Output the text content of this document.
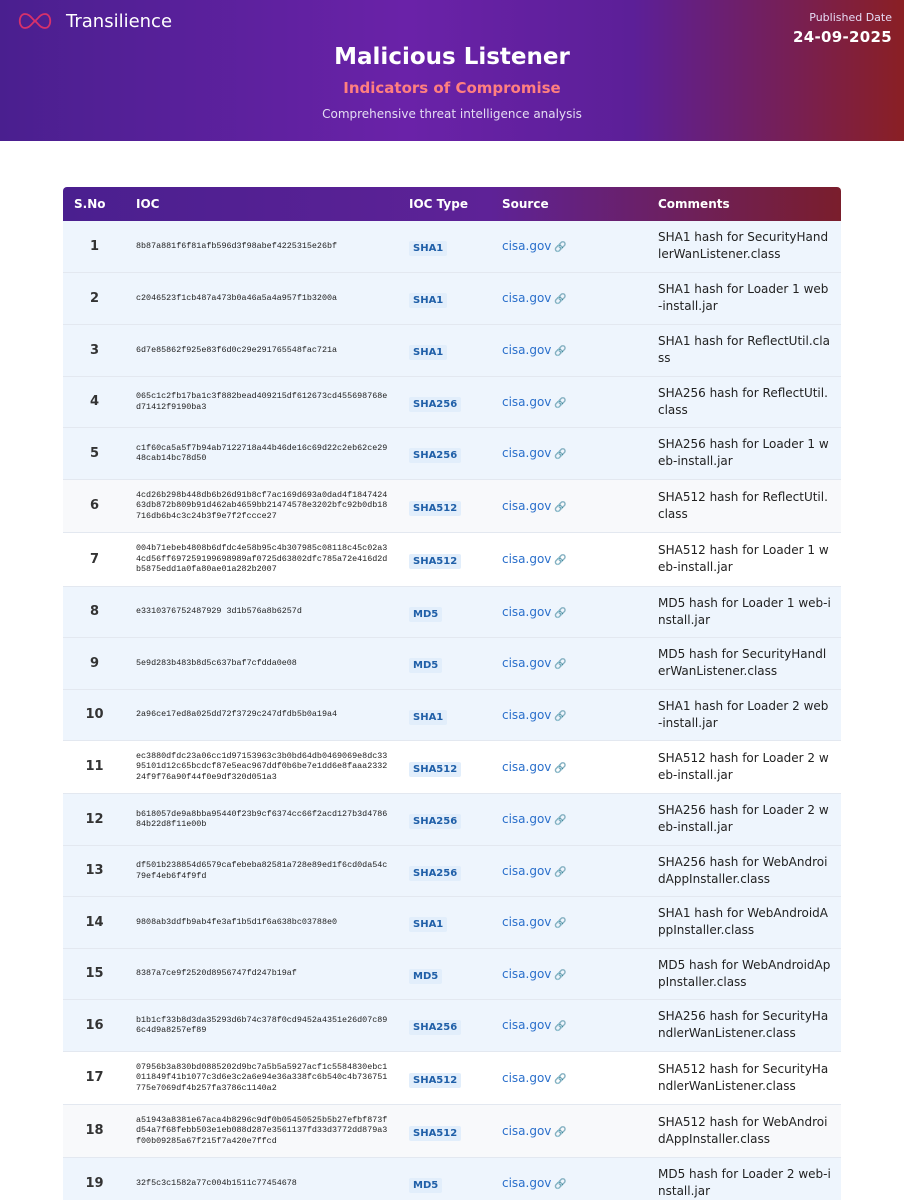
Transilience	Published Date
24-09-2025
Malicious Listener
Indicators of Compromise
Comprehensive threat intelligence analysis
S.No	IOC	IOC Type	Source	Comments
1	8b87a881f6f81afb596d3f98abef4225315e26bf	SHA1	cisa.gov 🔗	SHA1 hash for SecurityHandlerWanListener.class
2	c2046523f1cb487a473b0a46a5a4a957f1b3200a	SHA1	cisa.gov 🔗	SHA1 hash for Loader 1 web-install.jar
3	6d7e85862f925e83f6d0c29e291765548fac721a	SHA1	cisa.gov 🔗	SHA1 hash for ReflectUtil.class
4	065c1c2fb17ba1c3f882bead409215df612673cd455698768ed71412f9190ba3	SHA256	cisa.gov 🔗	SHA256 hash for ReflectUtil.class
5	c1f60ca5a5f7b94ab7122718a44b46de16c69d22c2eb62ce2948cab14bc78d50	SHA256	cisa.gov 🔗	SHA256 hash for Loader 1 web-install.jar
6	4cd26b298b448db6b26d91b8cf7ac169d693a0dad4f184742463db872b809b91d462ab4659bb21474578e3202bfc92b0db18716db6b4c3c24b3f9e7f2fccce27	SHA512	cisa.gov 🔗	SHA512 hash for ReflectUtil.class
7	004b71ebeb4808b6dfdc4e58b95c4b307985c08118c45c02a34cd56ff697259199698989af0725d63802dfc785a72e416d2db5875edd1a0fa80ae01a282b2007	SHA512	cisa.gov 🔗	SHA512 hash for Loader 1 web-install.jar
8	e3310376752487929 3d1b576a8b6257d	MD5	cisa.gov 🔗	MD5 hash for Loader 1 web-install.jar
9	5e9d283b483b8d5c637baf7cfdda0e08	MD5	cisa.gov 🔗	MD5 hash for SecurityHandlerWanListener.class
10	2a96ce17ed8a025dd72f3729c247dfdb5b0a19a4	SHA1	cisa.gov 🔗	SHA1 hash for Loader 2 web-install.jar
11	ec3880dfdc23a06cc1d97153963c3b0bd64db0469069e8dc3395101d12c65bcdcf87e5eac967ddf0b6be7e1dd6e8faaa233224f9f76a90f44f0e9df320d051a3	SHA512	cisa.gov 🔗	SHA512 hash for Loader 2 web-install.jar
12	b618057de9a8bba95440f23b9cf6374cc66f2acd127b3d478684b22d8f11e00b	SHA256	cisa.gov 🔗	SHA256 hash for Loader 2 web-install.jar
13	df501b238854d6579cafebeba82581a728e89ed1f6cd0da54c79ef4eb6f4f9fd	SHA256	cisa.gov 🔗	SHA256 hash for WebAndroidAppInstaller.class
14	9808ab3ddfb9ab4fe3af1b5d1f6a638bc03788e0	SHA1	cisa.gov 🔗	SHA1 hash for WebAndroidAppInstaller.class
15	8387a7ce9f2520d8956747fd247b19af	MD5	cisa.gov 🔗	MD5 hash for WebAndroidAppInstaller.class
16	b1b1cf33b8d3da35293d6b74c378f0cd9452a4351e26d07c896c4d9a8257ef89	SHA256	cisa.gov 🔗	SHA256 hash for SecurityHandlerWanListener.class
17	07956b3a830bd0885202d9bc7a5b5a5927acf1c5584830ebc1011849f41b1077c3d6e3c2a6e94e36a338fc6b540c4b736751775e7069df4b257fa3786c1140a2	SHA512	cisa.gov 🔗	SHA512 hash for SecurityHandlerWanListener.class
18	a51943a8381e67aca4b8296c9df0b05450525b5b27efbf873fd54a7f68febb503e1eb088d287e3561137fd33d3772dd879a3f00b09285a67f215f7a420e7ffcd	SHA512	cisa.gov 🔗	SHA512 hash for WebAndroidAppInstaller.class
19	32f5c3c1582a77c004b1511c77454678	MD5	cisa.gov 🔗	MD5 hash for Loader 2 web-install.jar
